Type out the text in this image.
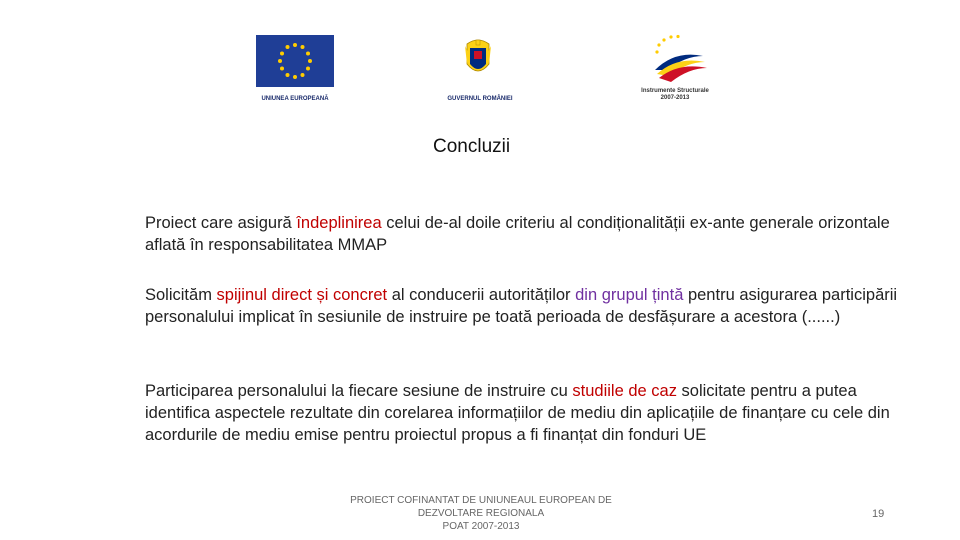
UNIUNEA EUROPEANĂ	GUVERNUL ROMÂNIEI
Instrumente Structurale
2007-2013
Concluzii
Proiect care asigură îndeplinirea celui de-al doile criteriu al condiționalității ex-ante generale orizontale aflată în responsabilitatea MMAP
Solicităm spijinul direct și concret al conducerii autorităților din grupul țintă pentru asigurarea participării personalului implicat în sesiunile de instruire pe toată perioada de desfășurare a acestora (......)
Participarea personalului la fiecare sesiune de instruire cu studiile de caz solicitate pentru a putea identifica aspectele rezultate din corelarea informațiilor de mediu din aplicațiile de finanțare cu cele din acordurile de mediu emise pentru proiectul propus a fi finanțat din fonduri UE
PROIECT COFINANTAT DE UNIUNEAUL EUROPEAN DE
DEZVOLTARE REGIONALA
POAT 2007-2013
19
